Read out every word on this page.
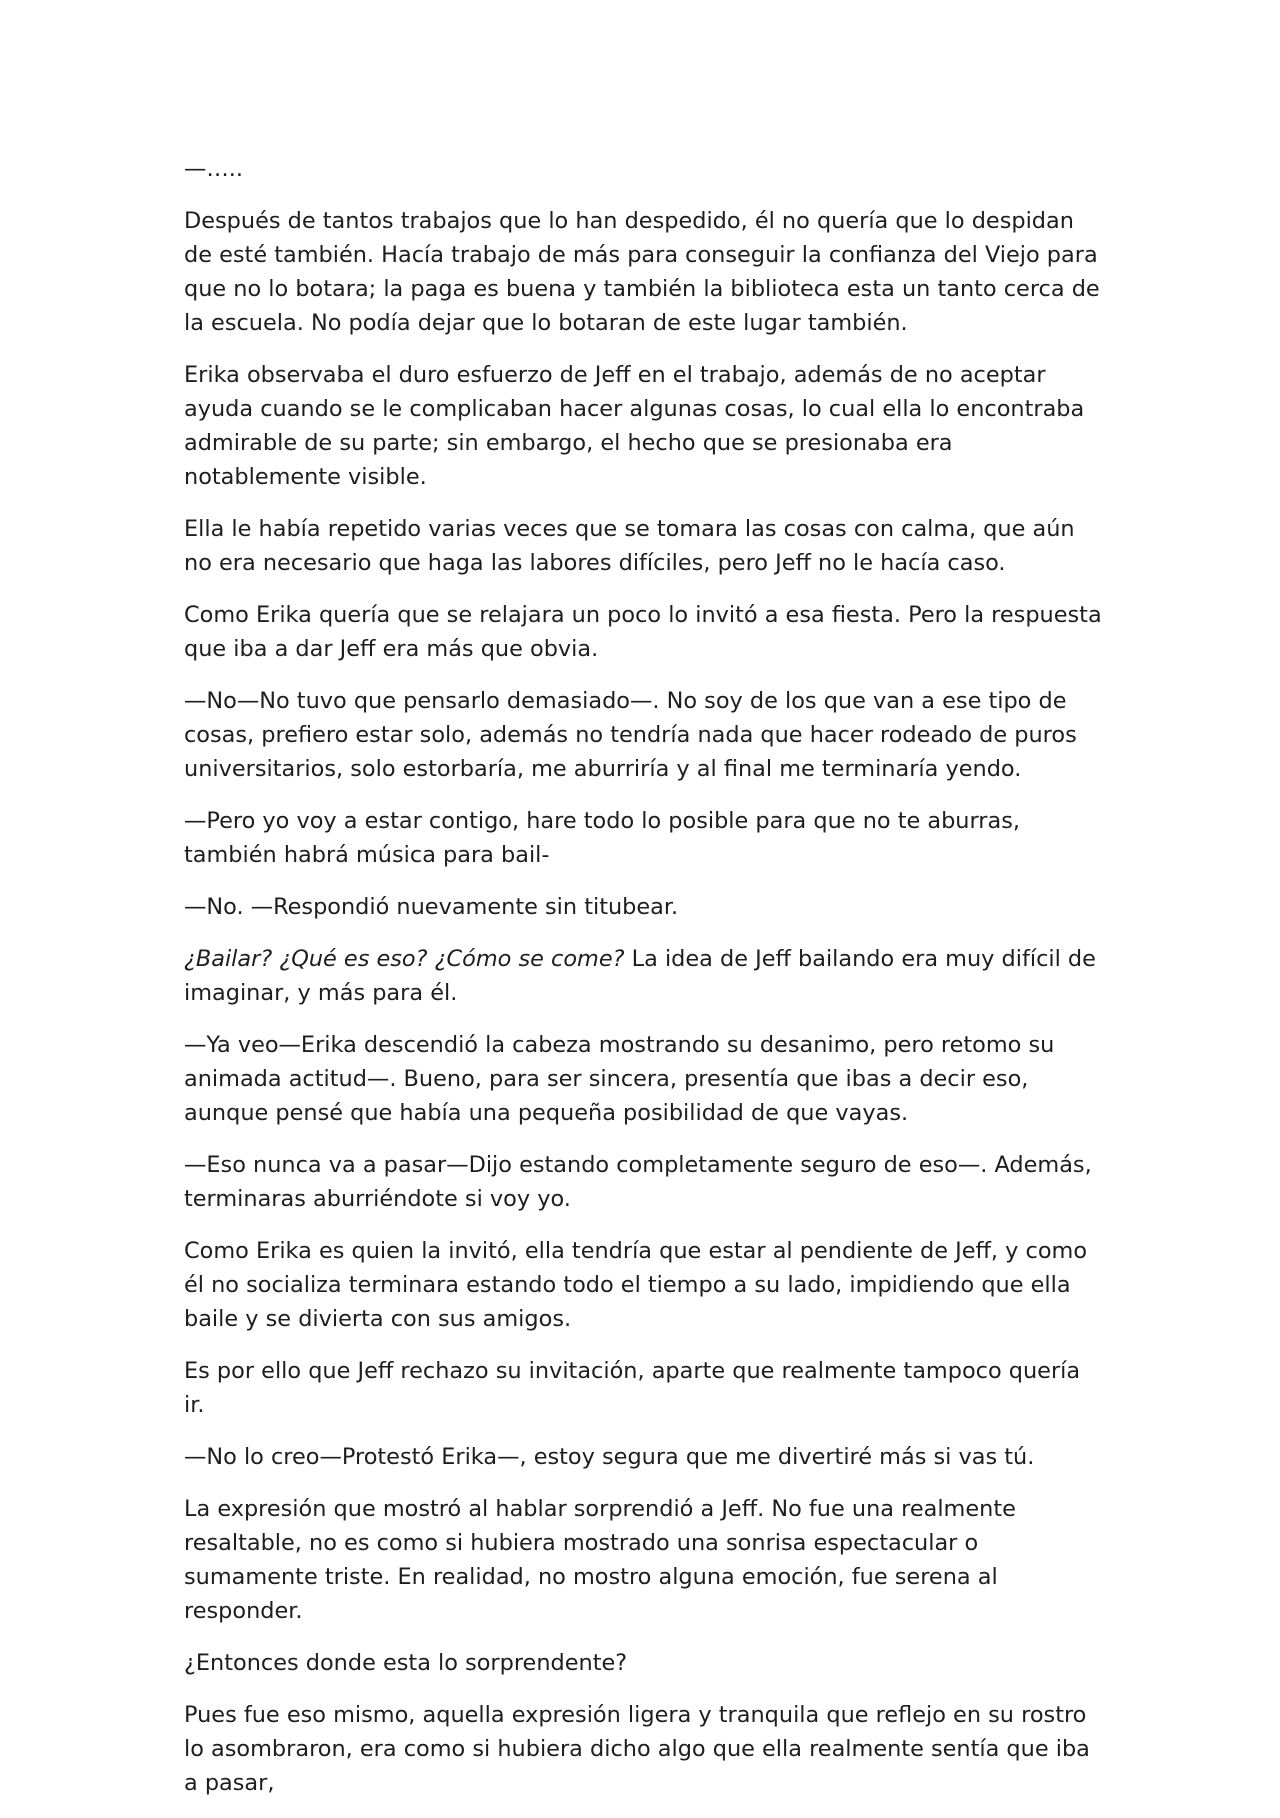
—…..

Después de tantos trabajos que lo han despedido, él no quería que lo despidan de esté también. Hacía trabajo de más para conseguir la confianza del Viejo para que no lo botara; la paga es buena y también la biblioteca esta un tanto cerca de la escuela. No podía dejar que lo botaran de este lugar también.

Erika observaba el duro esfuerzo de Jeff en el trabajo, además de no aceptar ayuda cuando se le complicaban hacer algunas cosas, lo cual ella lo encontraba admirable de su parte; sin embargo, el hecho que se presionaba era notablemente visible.

Ella le había repetido varias veces que se tomara las cosas con calma, que aún no era necesario que haga las labores difíciles, pero Jeff no le hacía caso.

Como Erika quería que se relajara un poco lo invitó a esa fiesta. Pero la respuesta que iba a dar Jeff era más que obvia.

—No—No tuvo que pensarlo demasiado—. No soy de los que van a ese tipo de cosas, prefiero estar solo, además no tendría nada que hacer rodeado de puros universitarios, solo estorbaría, me aburriría y al final me terminaría yendo.

—Pero yo voy a estar contigo, hare todo lo posible para que no te aburras, también habrá música para bail-

—No. —Respondió nuevamente sin titubear.

¿Bailar? ¿Qué es eso? ¿Cómo se come? La idea de Jeff bailando era muy difícil de imaginar, y más para él.

—Ya veo—Erika descendió la cabeza mostrando su desanimo, pero retomo su animada actitud—. Bueno, para ser sincera, presentía que ibas a decir eso, aunque pensé que había una pequeña posibilidad de que vayas.

—Eso nunca va a pasar—Dijo estando completamente seguro de eso—. Además, terminaras aburriéndote si voy yo.

Como Erika es quien la invitó, ella tendría que estar al pendiente de Jeff, y como él no socializa terminara estando todo el tiempo a su lado, impidiendo que ella baile y se divierta con sus amigos.

Es por ello que Jeff rechazo su invitación, aparte que realmente tampoco quería ir.

—No lo creo—Protestó Erika—, estoy segura que me divertiré más si vas tú.

La expresión que mostró al hablar sorprendió a Jeff. No fue una realmente resaltable, no es como si hubiera mostrado una sonrisa espectacular o sumamente triste. En realidad, no mostro alguna emoción, fue serena al responder.

¿Entonces donde esta lo sorprendente?

Pues fue eso mismo, aquella expresión ligera y tranquila que reflejo en su rostro lo asombraron, era como si hubiera dicho algo que ella realmente sentía que iba a pasar,
